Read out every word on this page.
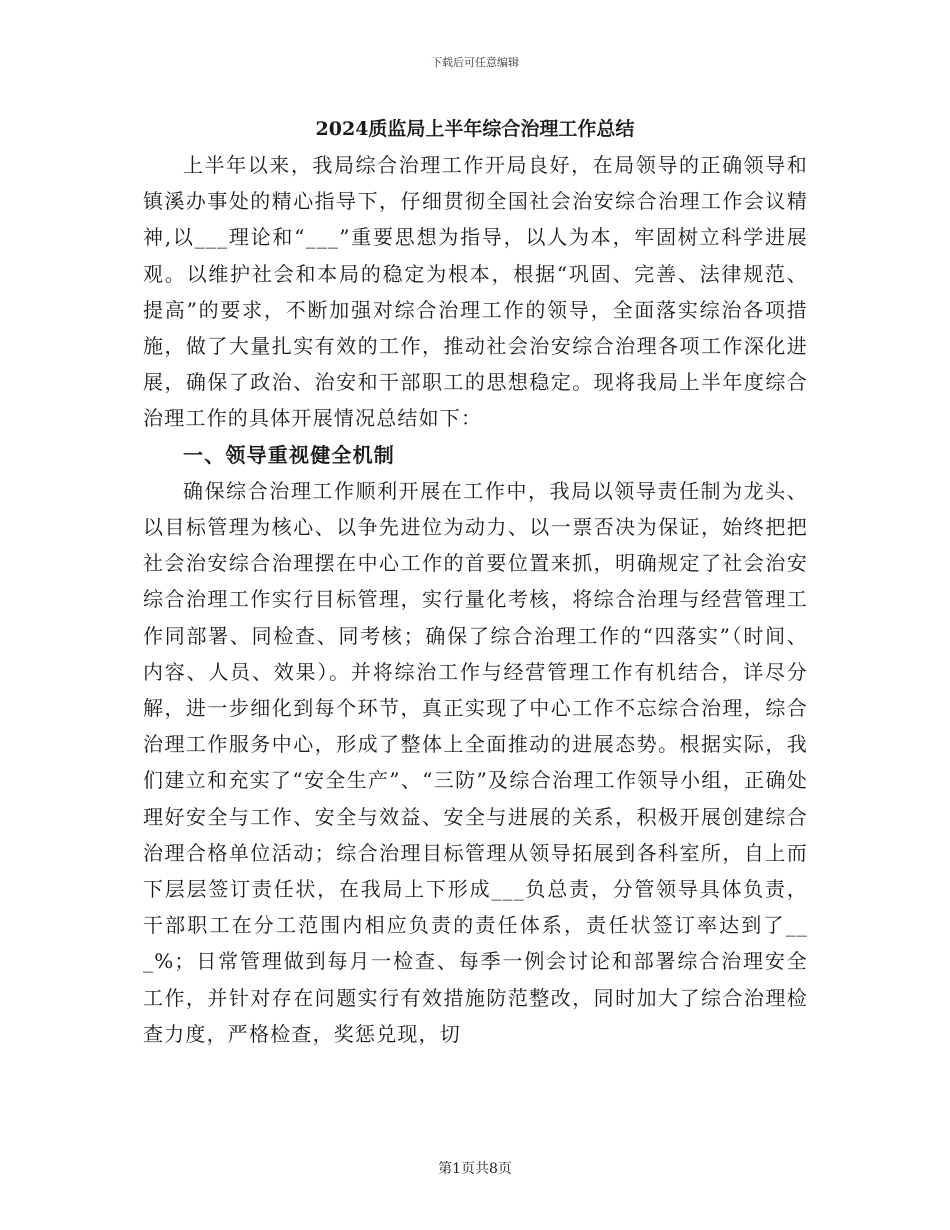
下载后可任意编辑
2024质监局上半年综合治理工作总结

上半年以来，我局综合治理工作开局良好，在局领导的正确领导和镇溪办事处的精心指导下，仔细贯彻全国社会治安综合治理工作会议精神,以___理论和“___”重要思想为指导，以人为本，牢固树立科学进展观。以维护社会和本局的稳定为根本，根据“巩固、完善、法律规范、提高”的要求，不断加强对综合治理工作的领导，全面落实综治各项措施，做了大量扎实有效的工作，推动社会治安综合治理各项工作深化进展，确保了政治、治安和干部职工的思想稳定。现将我局上半年度综合治理工作的具体开展情况总结如下：

一、领导重视健全机制

确保综合治理工作顺利开展在工作中，我局以领导责任制为龙头、以目标管理为核心、以争先进位为动力、以一票否决为保证，始终把把社会治安综合治理摆在中心工作的首要位置来抓，明确规定了社会治安综合治理工作实行目标管理，实行量化考核，将综合治理与经营管理工作同部署、同检查、同考核；确保了综合治理工作的“四落实”（时间、内容、人员、效果）。并将综治工作与经营管理工作有机结合，详尽分解，进一步细化到每个环节，真正实现了中心工作不忘综合治理，综合治理工作服务中心，形成了整体上全面推动的进展态势。根据实际，我们建立和充实了“安全生产”、“三防”及综合治理工作领导小组，正确处理好安全与工作、安全与效益、安全与进展的关系，积极开展创建综合治理合格单位活动；综合治理目标管理从领导拓展到各科室所，自上而下层层签订责任状，在我局上下形成___负总责，分管领导具体负责，干部职工在分工范围内相应负责的责任体系，责任状签订率达到了___%；日常管理做到每月一检查、每季一例会讨论和部署综合治理安全工作，并针对存在问题实行有效措施防范整改，同时加大了综合治理检查力度，严格检查，奖惩兑现，切

第1页共8页
